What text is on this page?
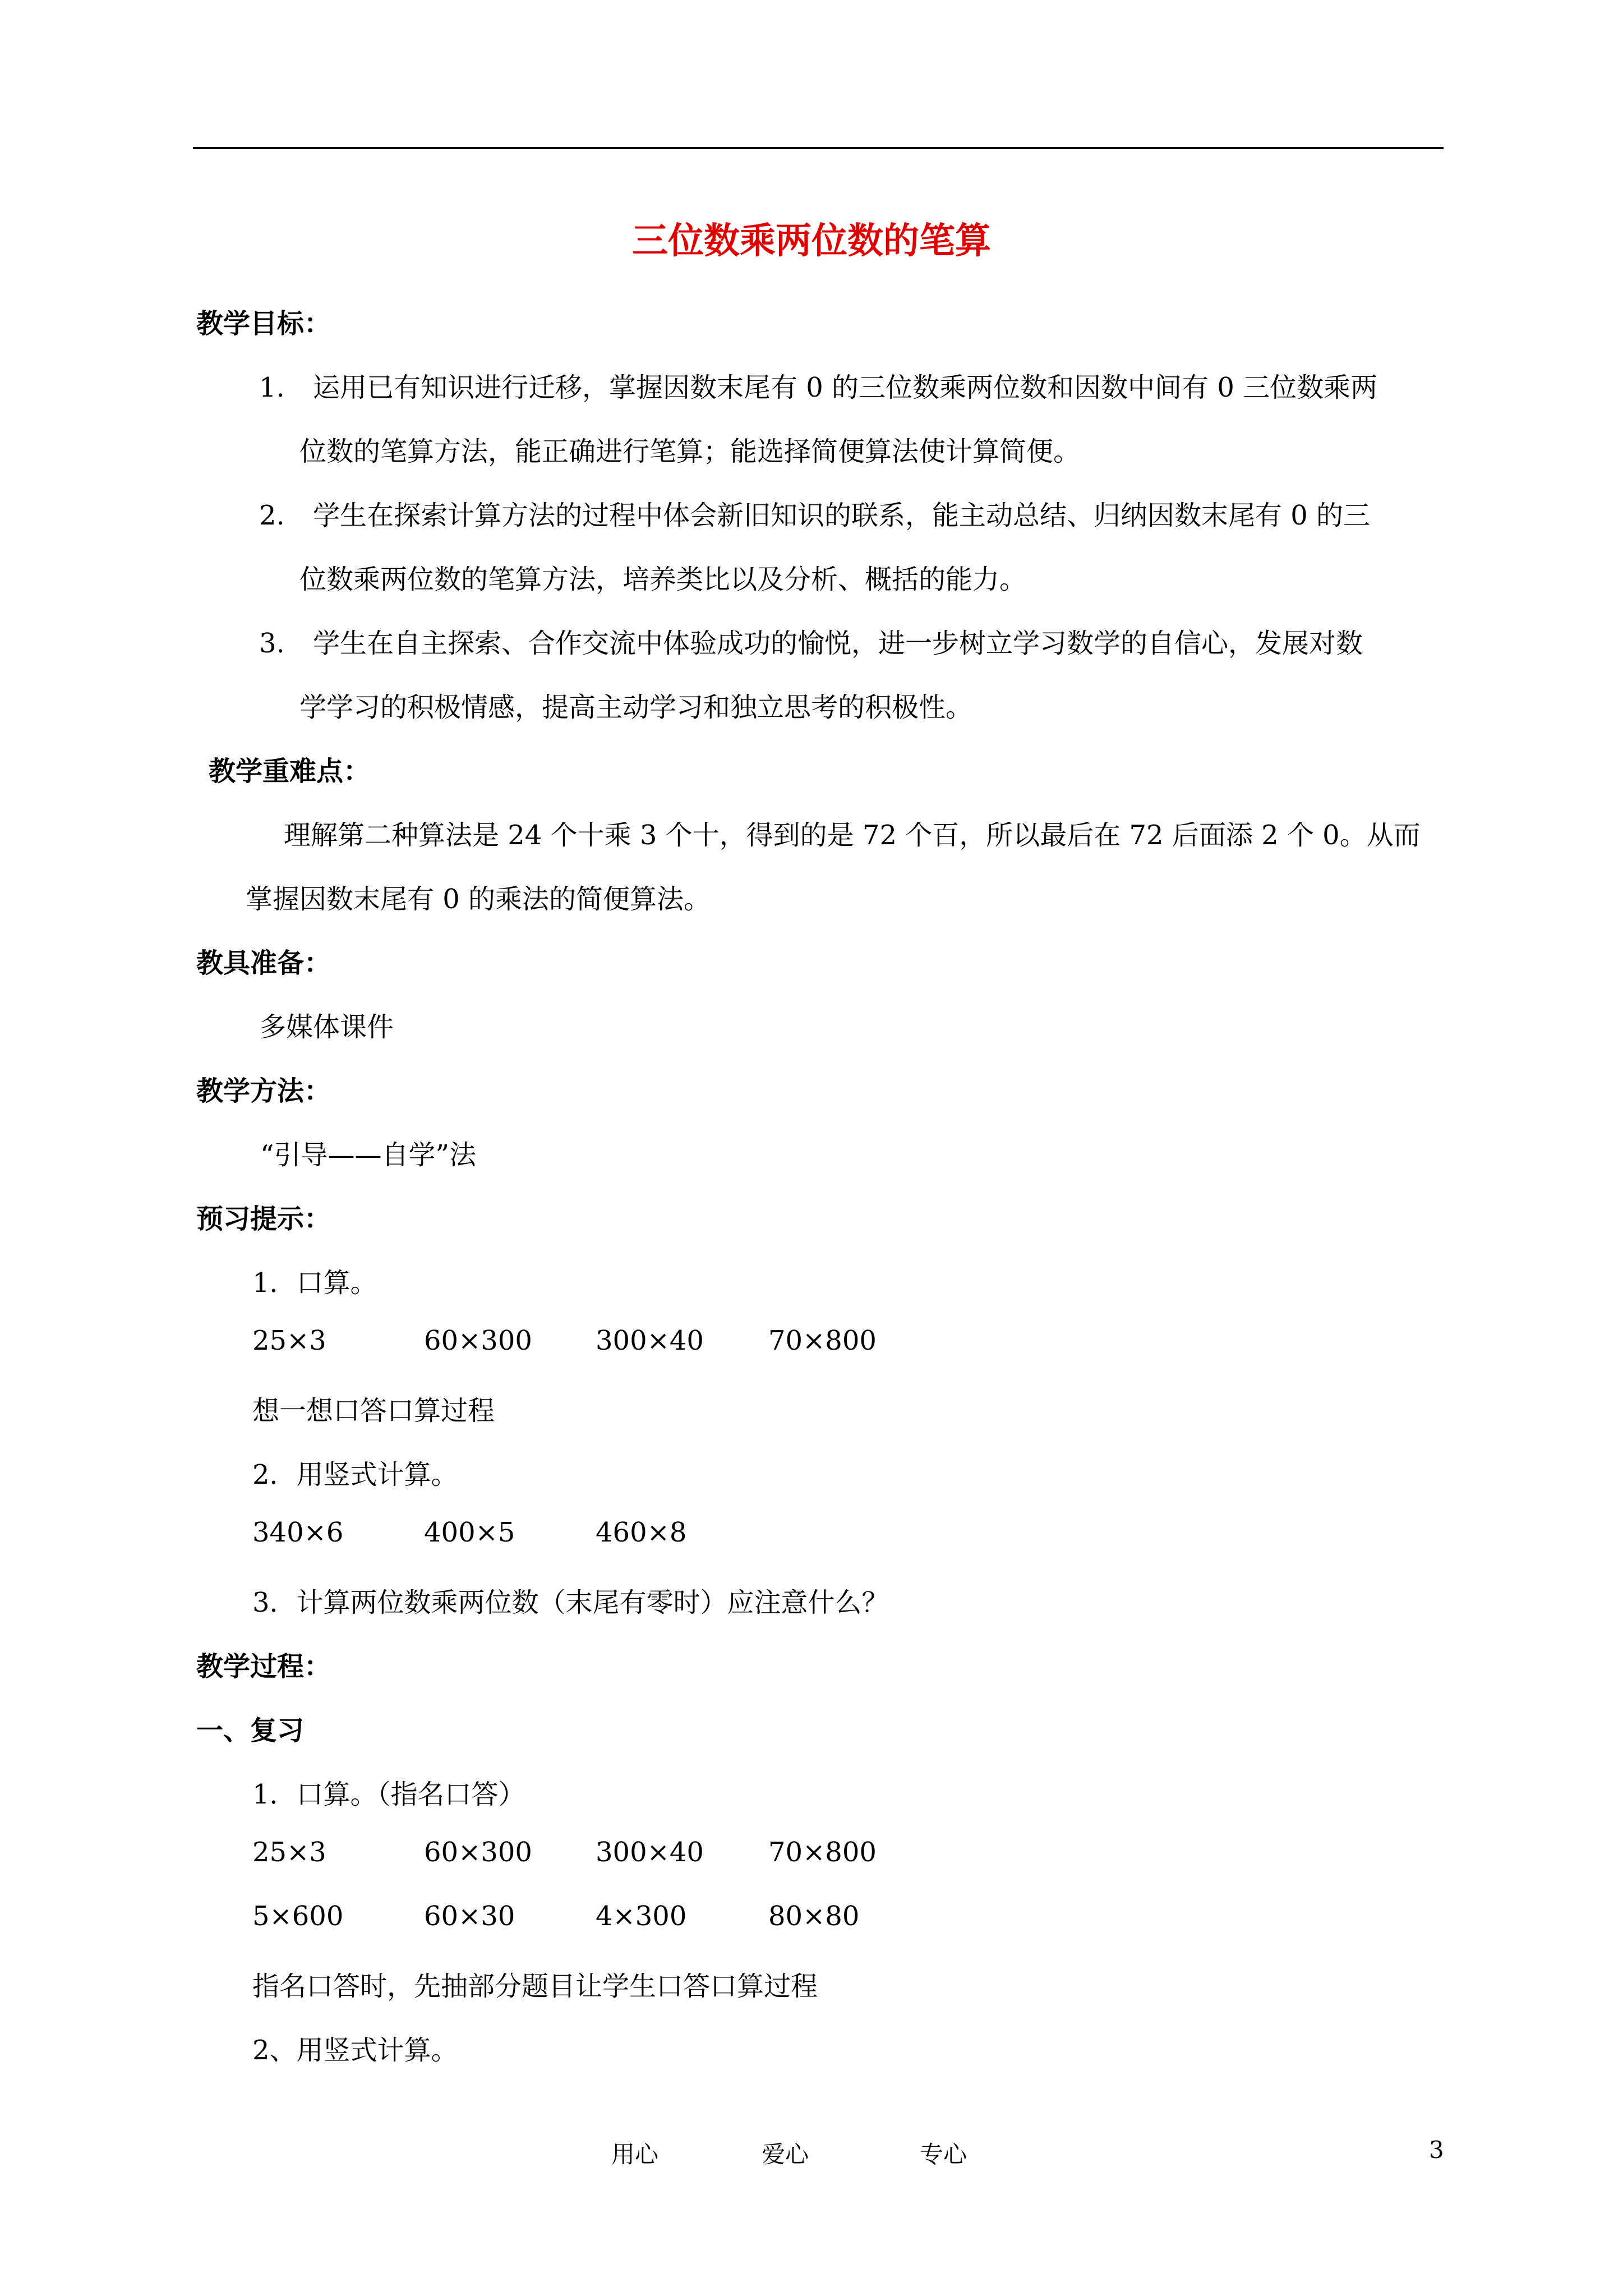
三位数乘两位数的笔算
教学目标：
1. 运用已有知识进行迁移，掌握因数末尾有 0 的三位数乘两位数和因数中间有 0 三位数乘两
位数的笔算方法，能正确进行笔算；能选择简便算法使计算简便。
2. 学生在探索计算方法的过程中体会新旧知识的联系，能主动总结、归纳因数末尾有 0 的三
位数乘两位数的笔算方法，培养类比以及分析、概括的能力。
3. 学生在自主探索、合作交流中体验成功的愉悦，进一步树立学习数学的自信心，发展对数
学学习的积极情感，提高主动学习和独立思考的积极性。
教学重难点：
理解第二种算法是 24 个十乘 3 个十，得到的是 72 个百，所以最后在 72 后面添 2 个 0。从而
掌握因数末尾有 0 的乘法的简便算法。
教具准备：
多媒体课件
教学方法：
“引导——自学”法
预习提示：
1．口算。
25×3	60×300 300×40 70×800
想一想口答口算过程
2．用竖式计算。
340×6	400×5	460×8
3．计算两位数乘两位数（末尾有零时）应注意什么？
教学过程：
一、复习
1．口算。（指名口答）
25×3	60×300 300×40 70×800
5×600	60×30	4×300	80×80
指名口答时，先抽部分题目让学生口答口算过程
2、用竖式计算。
用心	爱心	专心	3
